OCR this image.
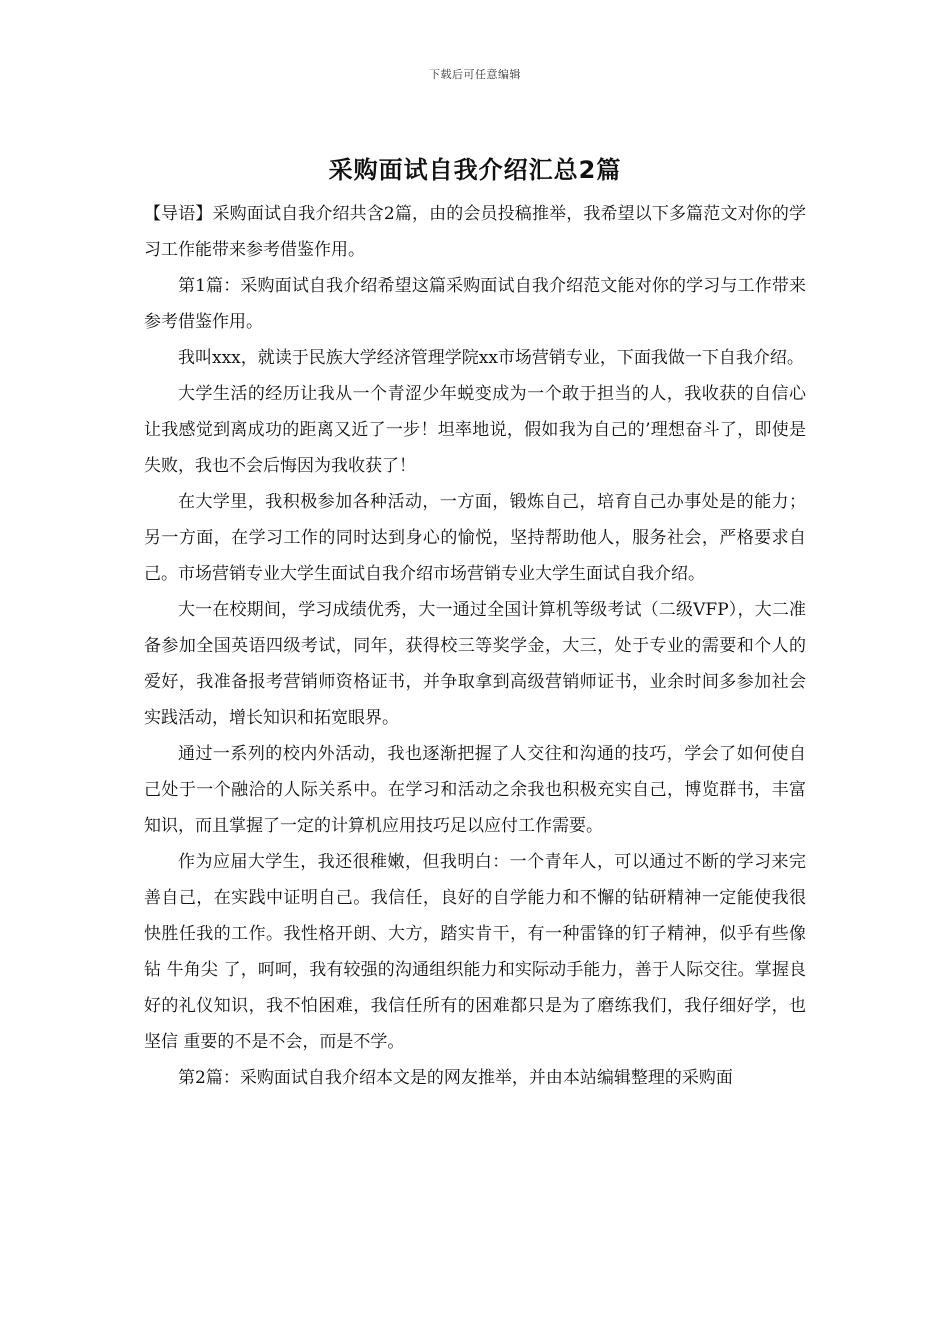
下载后可任意编辑
采购面试自我介绍汇总2篇

【导语】采购面试自我介绍共含2篇，由的会员投稿推举，我希望以下多篇范文对你的学习工作能带来参考借鉴作用。

第1篇：采购面试自我介绍希望这篇采购面试自我介绍范文能对你的学习与工作带来参考借鉴作用。

我叫xxx，就读于民族大学经济管理学院xx市场营销专业，下面我做一下自我介绍。

大学生活的经历让我从一个青涩少年蜕变成为一个敢于担当的人，我收获的自信心让我感觉到离成功的距离又近了一步！坦率地说，假如我为自己的’理想奋斗了，即使是失败，我也不会后悔因为我收获了！

在大学里，我积极参加各种活动，一方面，锻炼自己，培育自己办事处是的能力；另一方面，在学习工作的同时达到身心的愉悦，坚持帮助他人，服务社会，严格要求自己。市场营销专业大学生面试自我介绍市场营销专业大学生面试自我介绍。

大一在校期间，学习成绩优秀，大一通过全国计算机等级考试（二级VFP），大二准备参加全国英语四级考试，同年，获得校三等奖学金，大三，处于专业的需要和个人的爱好，我准备报考营销师资格证书，并争取拿到高级营销师证书，业余时间多参加社会实践活动，增长知识和拓宽眼界。

通过一系列的校内外活动，我也逐渐把握了人交往和沟通的技巧，学会了如何使自己处于一个融洽的人际关系中。在学习和活动之余我也积极充实自己，博览群书，丰富知识，而且掌握了一定的计算机应用技巧足以应付工作需要。

作为应届大学生，我还很稚嫩，但我明白：一个青年人，可以通过不断的学习来完善自己，在实践中证明自己。我信任，良好的自学能力和不懈的钻研精神一定能使我很快胜任我的工作。我性格开朗、大方，踏实肯干，有一种雷锋的钉子精神，似乎有些像钻 牛角尖 了，呵呵，我有较强的沟通组织能力和实际动手能力，善于人际交往。掌握良好的礼仪知识，我不怕困难，我信任所有的困难都只是为了磨练我们，我仔细好学，也坚信 重要的不是不会，而是不学。

第2篇：采购面试自我介绍本文是的网友推举，并由本站编辑整理的采购面
